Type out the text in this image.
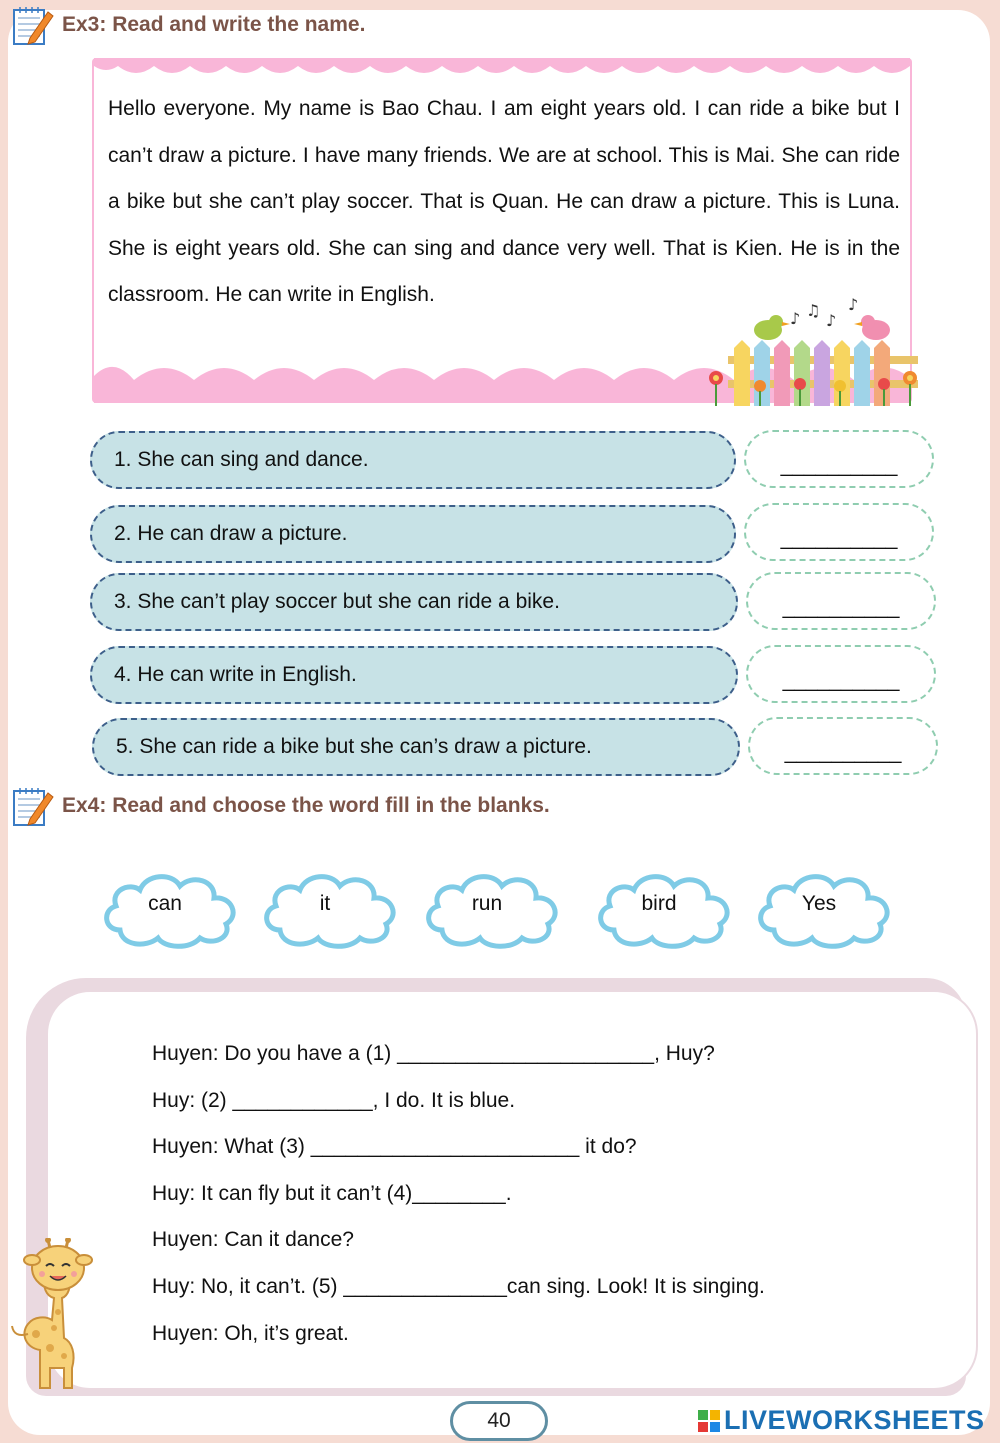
Ex3: Read and write the name.
Hello everyone. My name is Bao Chau. I am eight years old. I can ride a bike but I can’t draw a picture. I have many friends. We are at school. This is Mai. She can ride a bike but she can’t play soccer. That is Quan. He can draw a picture. This is Luna. She is eight years old. She can sing and dance very well. That is Kien. He is in the classroom. He can write in English.
♪ ♫
♪
♪
1. She can sing and dance.	__________
2. He can draw a picture.	__________
3. She can’t play soccer but she can ride a bike.	__________
4. He can write in English.	__________
5. She can ride a bike but she can’s draw a picture.	__________
Ex4: Read and choose the word fill in the blanks.
can	it	run	bird	Yes
Huyen: Do you have a (1) ______________________, Huy?
Huy: (2) ____________, I do. It is blue.
Huyen: What (3) _______________________ it do?
Huy: It can fly but it can’t (4)________.
Huyen: Can it dance?
Huy: No, it can’t. (5) ______________can sing. Look! It is singing.
Huyen: Oh, it’s great.
40	LIVEWORKSHEETS
